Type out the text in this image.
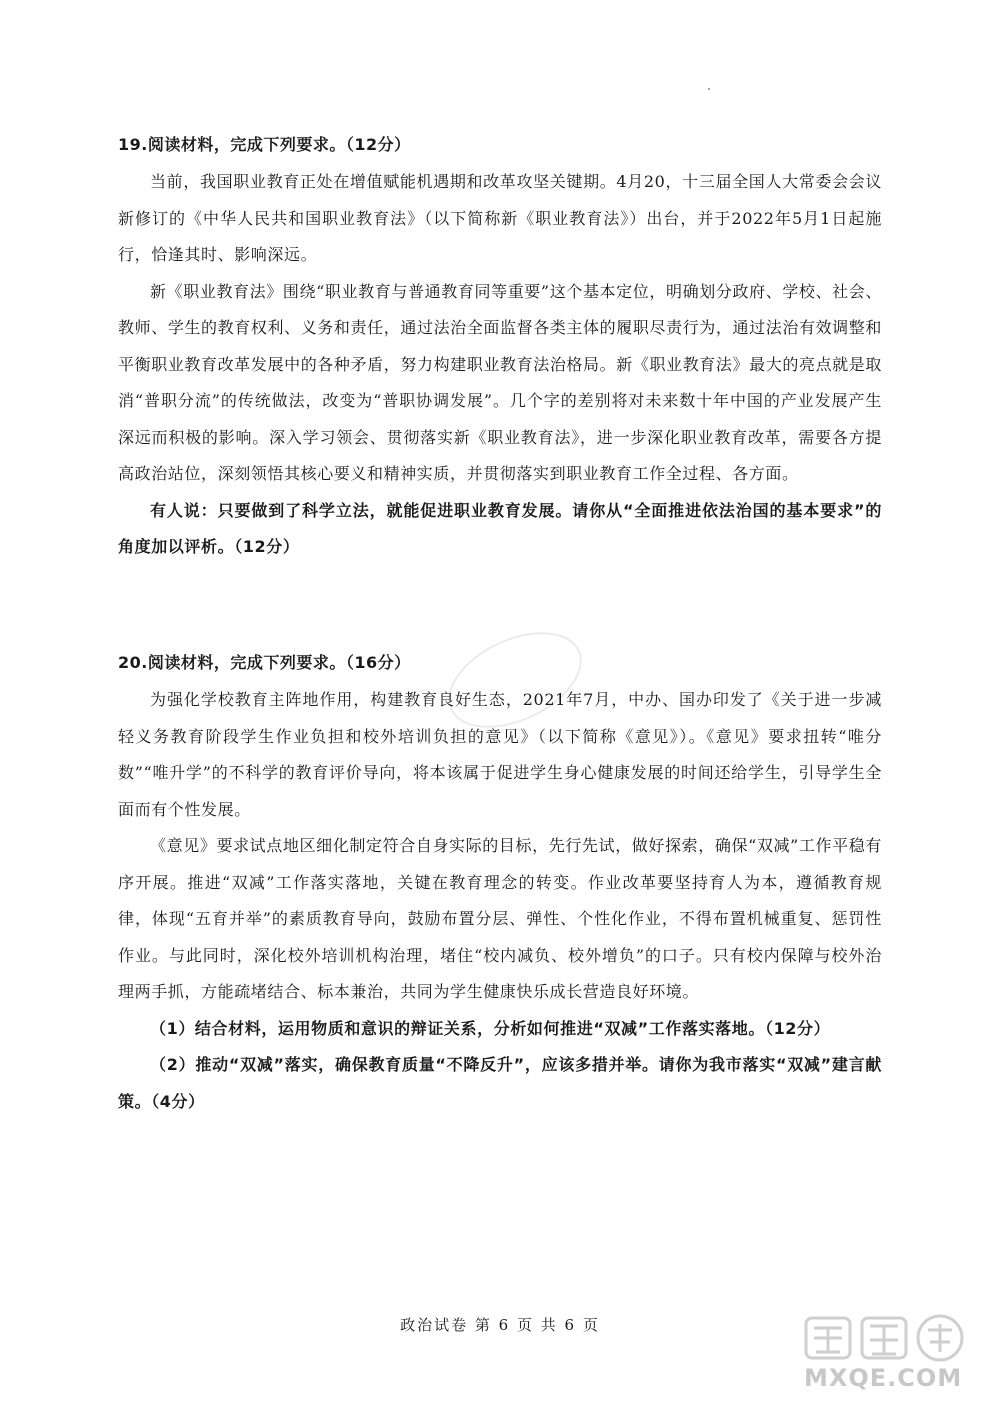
19.阅读材料，完成下列要求。（12分）

当前，我国职业教育正处在增值赋能机遇期和改革攻坚关键期。4月20，十三届全国人大常委会会议新修订的《中华人民共和国职业教育法》（以下简称新《职业教育法》）出台，并于2022年5月1日起施行，恰逢其时、影响深远。

新《职业教育法》围绕“职业教育与普通教育同等重要”这个基本定位，明确划分政府、学校、社会、教师、学生的教育权利、义务和责任，通过法治全面监督各类主体的履职尽责行为，通过法治有效调整和平衡职业教育改革发展中的各种矛盾，努力构建职业教育法治格局。新《职业教育法》最大的亮点就是取消“普职分流”的传统做法，改变为“普职协调发展”。几个字的差别将对未来数十年中国的产业发展产生深远而积极的影响。深入学习领会、贯彻落实新《职业教育法》，进一步深化职业教育改革，需要各方提高政治站位，深刻领悟其核心要义和精神实质，并贯彻落实到职业教育工作全过程、各方面。

有人说：只要做到了科学立法，就能促进职业教育发展。请你从“全面推进依法治国的基本要求”的角度加以评析。（12分）

20.阅读材料，完成下列要求。（16分）

为强化学校教育主阵地作用，构建教育良好生态，2021年7月，中办、国办印发了《关于进一步减轻义务教育阶段学生作业负担和校外培训负担的意见》（以下简称《意见》）。《意见》要求扭转“唯分数”“唯升学”的不科学的教育评价导向，将本该属于促进学生身心健康发展的时间还给学生，引导学生全面而有个性发展。

《意见》要求试点地区细化制定符合自身实际的目标，先行先试，做好探索，确保“双减”工作平稳有序开展。推进“双减”工作落实落地，关键在教育理念的转变。作业改革要坚持育人为本，遵循教育规律，体现“五育并举”的素质教育导向，鼓励布置分层、弹性、个性化作业，不得布置机械重复、惩罚性作业。与此同时，深化校外培训机构治理，堵住“校内减负、校外增负”的口子。只有校内保障与校外治理两手抓，方能疏堵结合、标本兼治，共同为学生健康快乐成长营造良好环境。

（1）结合材料，运用物质和意识的辩证关系，分析如何推进“双减”工作落实落地。（12分）

（2）推动“双减”落实，确保教育质量“不降反升”，应该多措并举。请你为我市落实“双减”建言献策。（4分）

政治试卷 第 6 页 共 6 页
MXQE.COM
